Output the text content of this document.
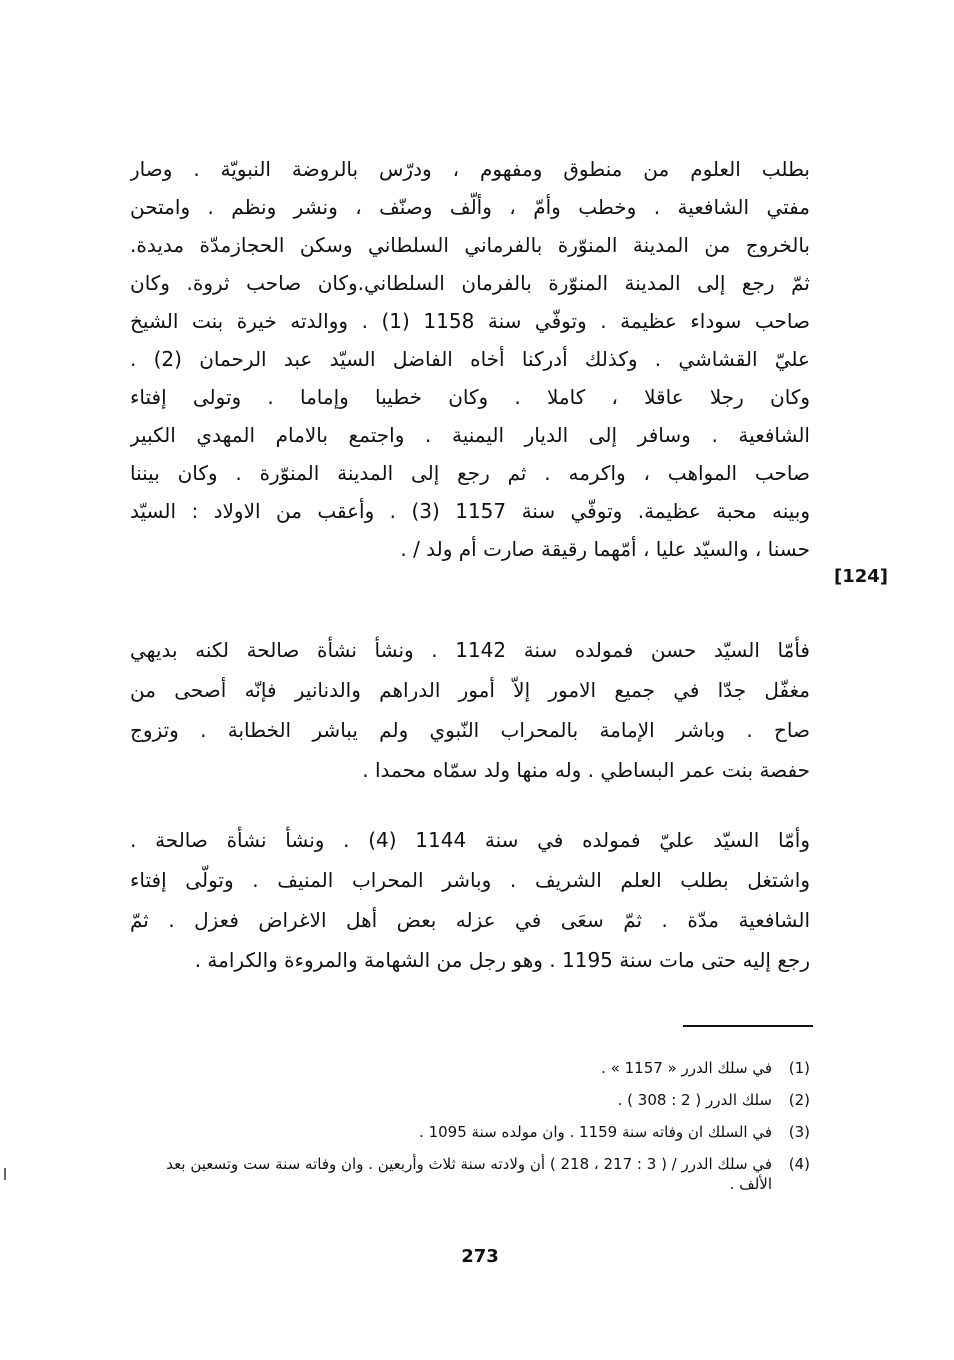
بطلب العلوم من منطوق ومفهوم ، ودرّس بالروضة النبويّة . وصار
مفتي الشافعية . وخطب وأمّ ، وألّف وصنّف ، ونشر ونظم . وامتحن
بالخروج من المدينة المنوّرة بالفرماني السلطاني وسكن الحجازمدّة مديدة.
ثمّ رجع إلى المدينة المنوّرة بالفرمان السلطاني.وكان صاحب ثروة. وكان
صاحب سوداء عظيمة . وتوفّي سنة 1158 (1) . ووالدته خيرة بنت الشيخ
عليّ القشاشي . وكذلك أدركنا أخاه الفاضل السيّد عبد الرحمان (2) .
وكان رجلا عاقلا ، كاملا . وكان خطيبا وإماما . وتولى إفتاء
الشافعية . وسافر إلى الديار اليمنية . واجتمع بالامام المهدي الكبير
صاحب المواهب ، واكرمه . ثم رجع إلى المدينة المنوّرة . وكان بيننا
وبينه محبة عظيمة. وتوفّي سنة 1157 (3) . وأعقب من الاولاد : السيّد
حسنا ، والسيّد عليا ، أمّهما رقيقة صارت أم ولد / .
[124]
فأمّا السيّد حسن فمولده سنة 1142 . ونشأ نشأة صالحة لكنه بديهي
مغفّل جدّا في جميع الامور إلاّ أمور الدراهم والدنانير فإنّه أصحى من
صاح . وباشر الإمامة بالمحراب النّبوي ولم يباشر الخطابة . وتزوج
حفصة بنت عمر البساطي . وله منها ولد سمّاه محمدا .
وأمّا السيّد عليّ فمولده في سنة 1144 (4) . ونشأ نشأة صالحة .
واشتغل بطلب العلم الشريف . وباشر المحراب المنيف . وتولّى إفتاء
الشافعية مدّة . ثمّ سعَى في عزله بعض أهل الاغراض فعزل . ثمّ
رجع إليه حتى مات سنة 1195 . وهو رجل من الشهامة والمروءة والكرامة .
(1)
في سلك الدرر « 1157 » .
(2)
سلك الدرر ( 2 : 308 ) .
(3)
في السلك ان وفاته سنة 1159 . وان مولده سنة 1095 .
(4)
في سلك الدرر / ( 3 : 217 ، 218 ) أن ولادته سنة ثلاث وأربعين . وان وفاته سنة ست وتسعين بعد الألف .
273
